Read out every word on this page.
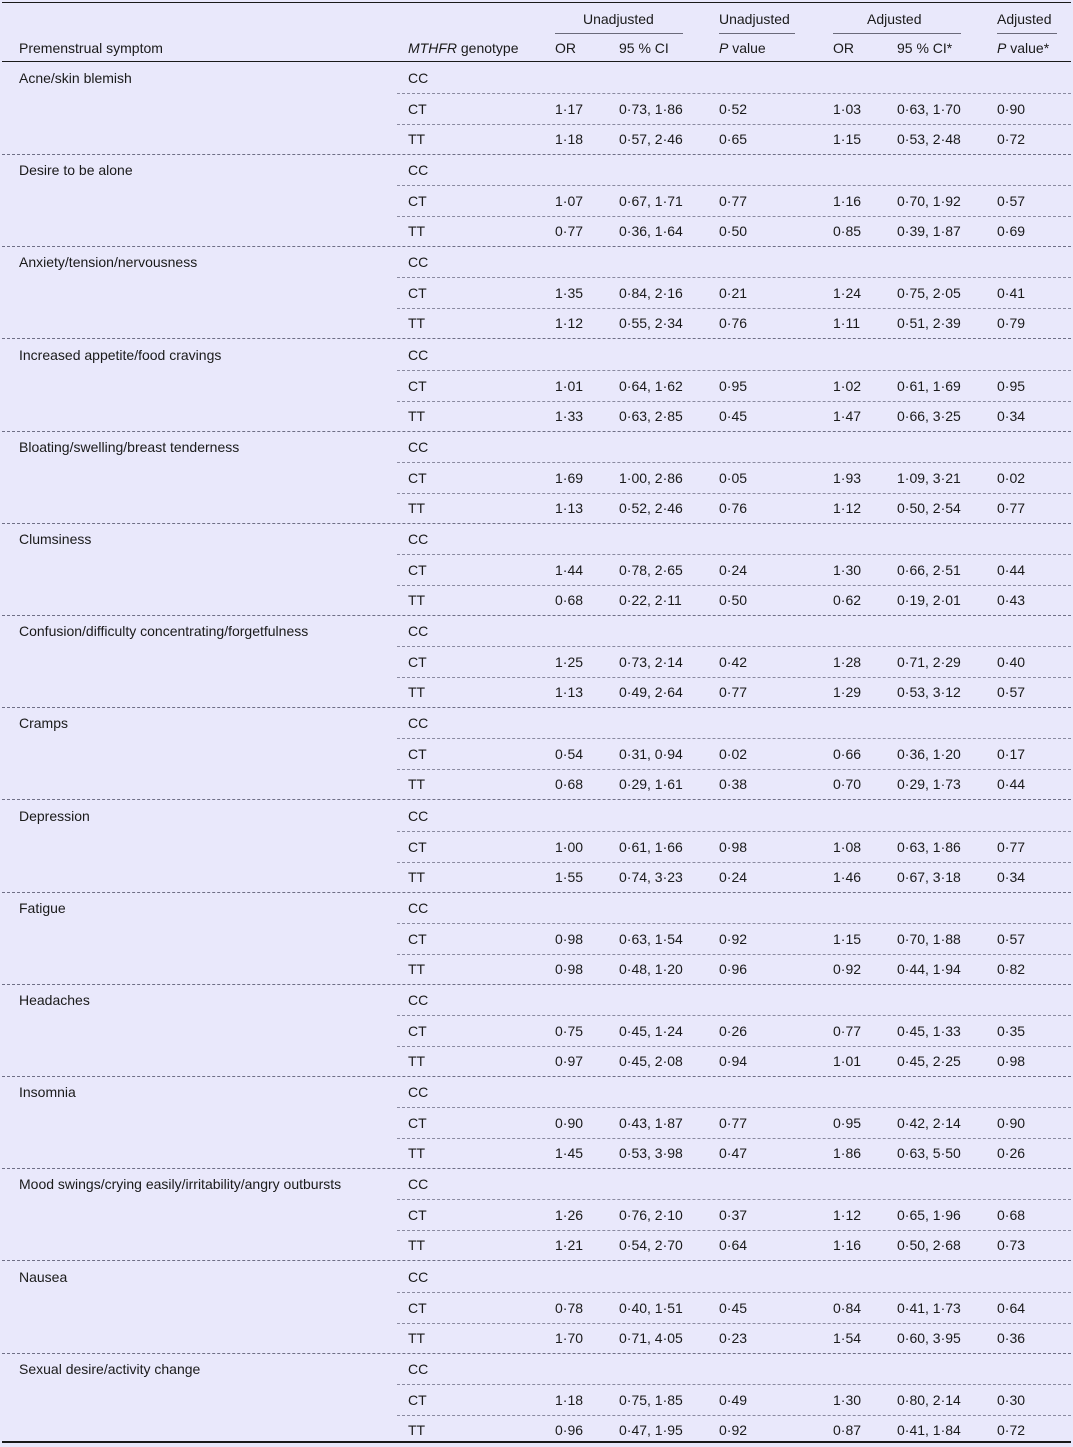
Unadjusted	Unadjusted	Adjusted	Adjusted
Premenstrual symptom	MTHFR genotype	OR	95 % CI	P value	OR	95 % CI*	P value*
Acne/skin blemish	CC
CT	1·17	0·73, 1·86	0·52	1·03	0·63, 1·70	0·90
TT	1·18	0·57, 2·46	0·65	1·15	0·53, 2·48	0·72
Desire to be alone	CC
CT	1·07	0·67, 1·71	0·77	1·16	0·70, 1·92	0·57
TT	0·77	0·36, 1·64	0·50	0·85	0·39, 1·87	0·69
Anxiety/tension/nervousness	CC
CT	1·35	0·84, 2·16	0·21	1·24	0·75, 2·05	0·41
TT	1·12	0·55, 2·34	0·76	1·11	0·51, 2·39	0·79
Increased appetite/food cravings	CC
CT	1·01	0·64, 1·62	0·95	1·02	0·61, 1·69	0·95
TT	1·33	0·63, 2·85	0·45	1·47	0·66, 3·25	0·34
Bloating/swelling/breast tenderness	CC
CT	1·69	1·00, 2·86	0·05	1·93	1·09, 3·21	0·02
TT	1·13	0·52, 2·46	0·76	1·12	0·50, 2·54	0·77
Clumsiness	CC
CT	1·44	0·78, 2·65	0·24	1·30	0·66, 2·51	0·44
TT	0·68	0·22, 2·11	0·50	0·62	0·19, 2·01	0·43
Confusion/difficulty concentrating/forgetfulness	CC
CT	1·25	0·73, 2·14	0·42	1·28	0·71, 2·29	0·40
TT	1·13	0·49, 2·64	0·77	1·29	0·53, 3·12	0·57
Cramps	CC
CT	0·54	0·31, 0·94	0·02	0·66	0·36, 1·20	0·17
TT	0·68	0·29, 1·61	0·38	0·70	0·29, 1·73	0·44
Depression	CC
CT	1·00	0·61, 1·66	0·98	1·08	0·63, 1·86	0·77
TT	1·55	0·74, 3·23	0·24	1·46	0·67, 3·18	0·34
Fatigue	CC
CT	0·98	0·63, 1·54	0·92	1·15	0·70, 1·88	0·57
TT	0·98	0·48, 1·20	0·96	0·92	0·44, 1·94	0·82
Headaches	CC
CT	0·75	0·45, 1·24	0·26	0·77	0·45, 1·33	0·35
TT	0·97	0·45, 2·08	0·94	1·01	0·45, 2·25	0·98
Insomnia	CC
CT	0·90	0·43, 1·87	0·77	0·95	0·42, 2·14	0·90
TT	1·45	0·53, 3·98	0·47	1·86	0·63, 5·50	0·26
Mood swings/crying easily/irritability/angry outbursts	CC
CT	1·26	0·76, 2·10	0·37	1·12	0·65, 1·96	0·68
TT	1·21	0·54, 2·70	0·64	1·16	0·50, 2·68	0·73
Nausea	CC
CT	0·78	0·40, 1·51	0·45	0·84	0·41, 1·73	0·64
TT	1·70	0·71, 4·05	0·23	1·54	0·60, 3·95	0·36
Sexual desire/activity change	CC
CT	1·18	0·75, 1·85	0·49	1·30	0·80, 2·14	0·30
TT	0·96	0·47, 1·95	0·92	0·87	0·41, 1·84	0·72
